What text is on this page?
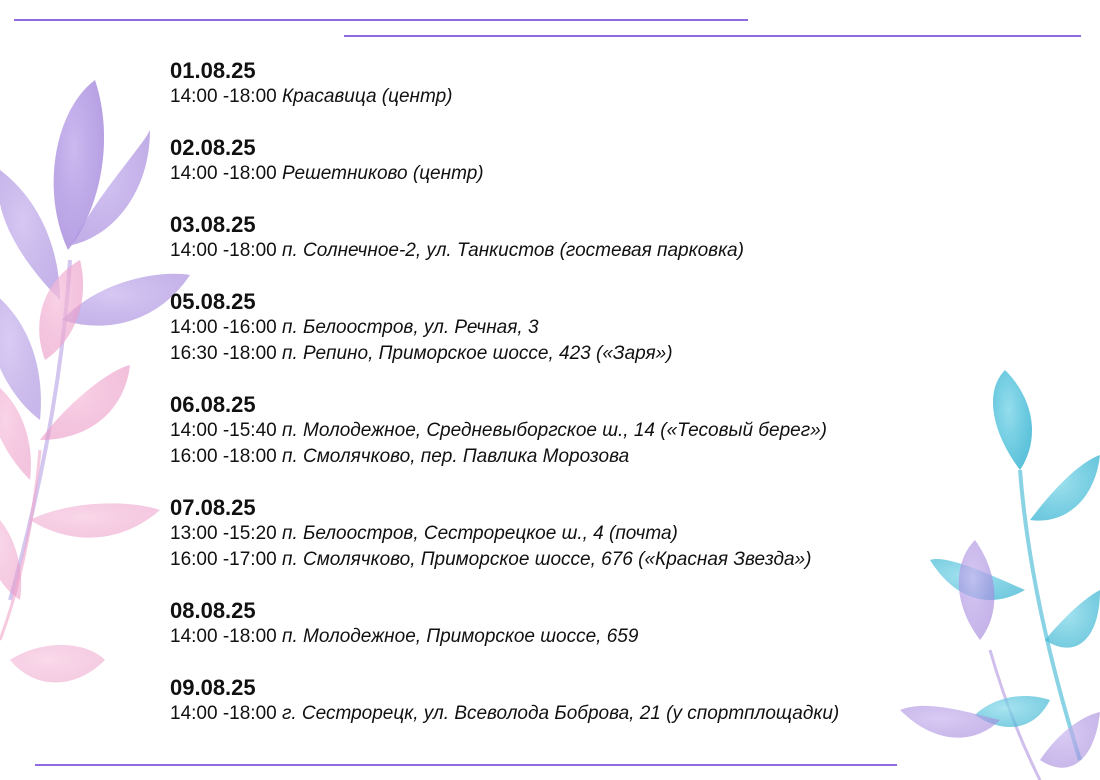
01.08.25
14:00 -18:00 Красавица (центр)
02.08.25
14:00 -18:00 Решетниково (центр)
03.08.25
14:00 -18:00 п. Солнечное-2, ул. Танкистов (гостевая парковка)
05.08.25
14:00 -16:00 п. Белоостров, ул. Речная, 3
16:30 -18:00 п. Репино, Приморское шоссе, 423 («Заря»)
06.08.25
14:00 -15:40 п. Молодежное, Средневыборгское ш., 14 («Тесовый берег»)
16:00 -18:00 п. Смолячково, пер. Павлика Морозова
07.08.25
13:00 -15:20 п. Белоостров, Сестрорецкое ш., 4 (почта)
16:00 -17:00 п. Смолячково, Приморское шоссе, 676 («Красная Звезда»)
08.08.25
14:00 -18:00 п. Молодежное, Приморское шоссе, 659
09.08.25
14:00 -18:00 г. Сестрорецк, ул. Всеволода Боброва, 21 (у спортплощадки)
